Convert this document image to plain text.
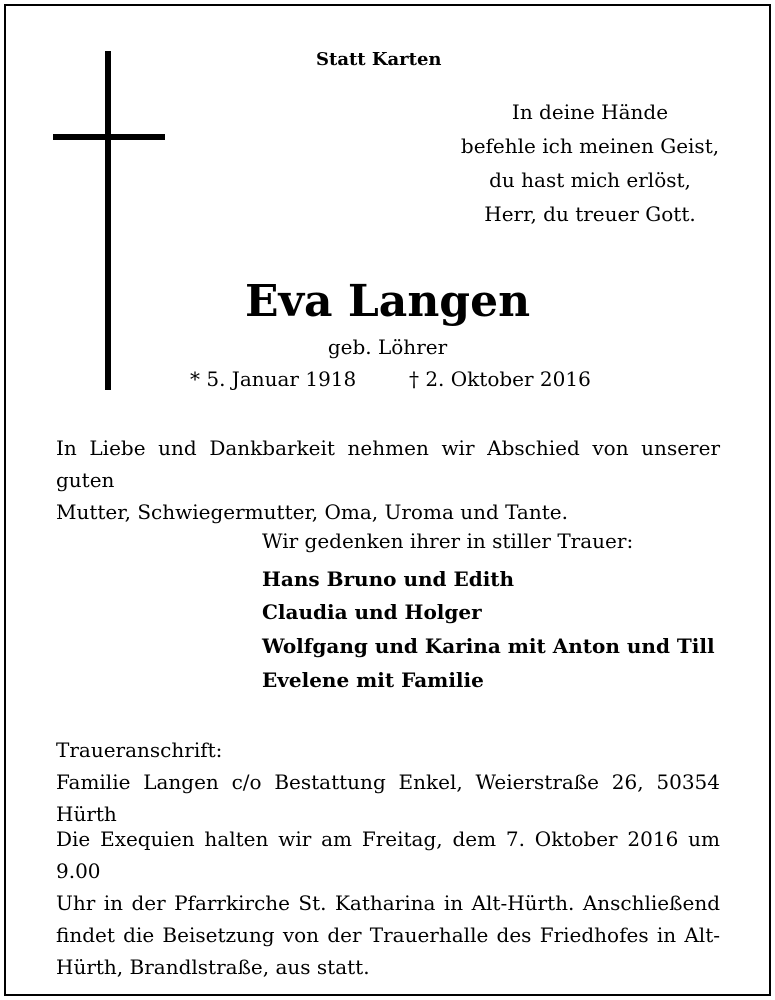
Statt Karten
In deine Hände
befehle ich meinen Geist,
du hast mich erlöst,
Herr, du treuer Gott.
Eva Langen
geb. Löhrer
* 5. Januar 1918	† 2. Oktober 2016
In Liebe und Dankbarkeit nehmen wir Abschied von unserer guten
Mutter, Schwiegermutter, Oma, Uroma und Tante.
Wir gedenken ihrer in stiller Trauer:
Hans Bruno und Edith
Claudia und Holger
Wolfgang und Karina mit Anton und Till
Evelene mit Familie
Traueranschrift:
Familie Langen c/o Bestattung Enkel, Weierstraße 26, 50354 Hürth
Die Exequien halten wir am Freitag, dem 7. Oktober 2016 um 9.00
Uhr in der Pfarrkirche St. Katharina in Alt-Hürth. Anschließend
findet die Beisetzung von der Trauerhalle des Friedhofes in Alt-
Hürth, Brandlstraße, aus statt.
